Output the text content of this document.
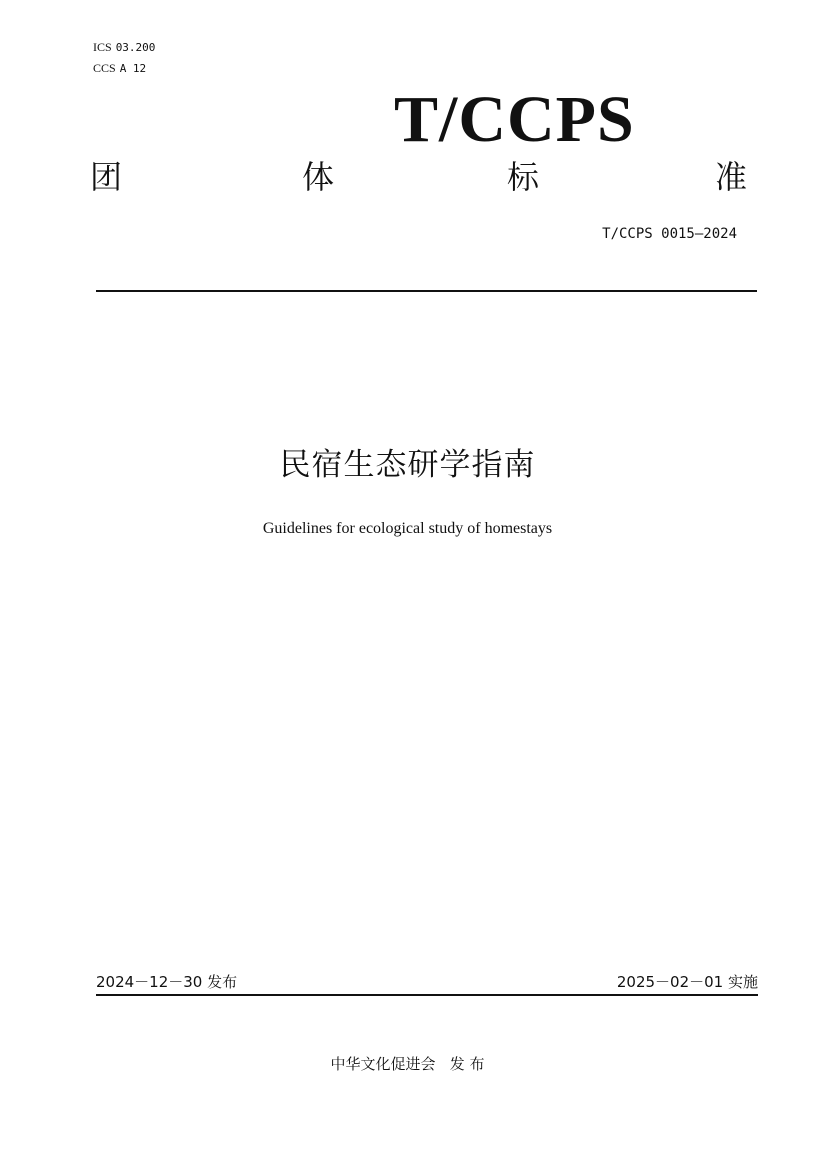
ICS 03.200
CCS A 12
T/CCPS
团	体	标	准
T/CCPS 0015—2024
民宿生态研学指南
Guidelines for ecological study of homestays
2024－12－30 发布	2025－02－01 实施
中华文化促进会   发 布
